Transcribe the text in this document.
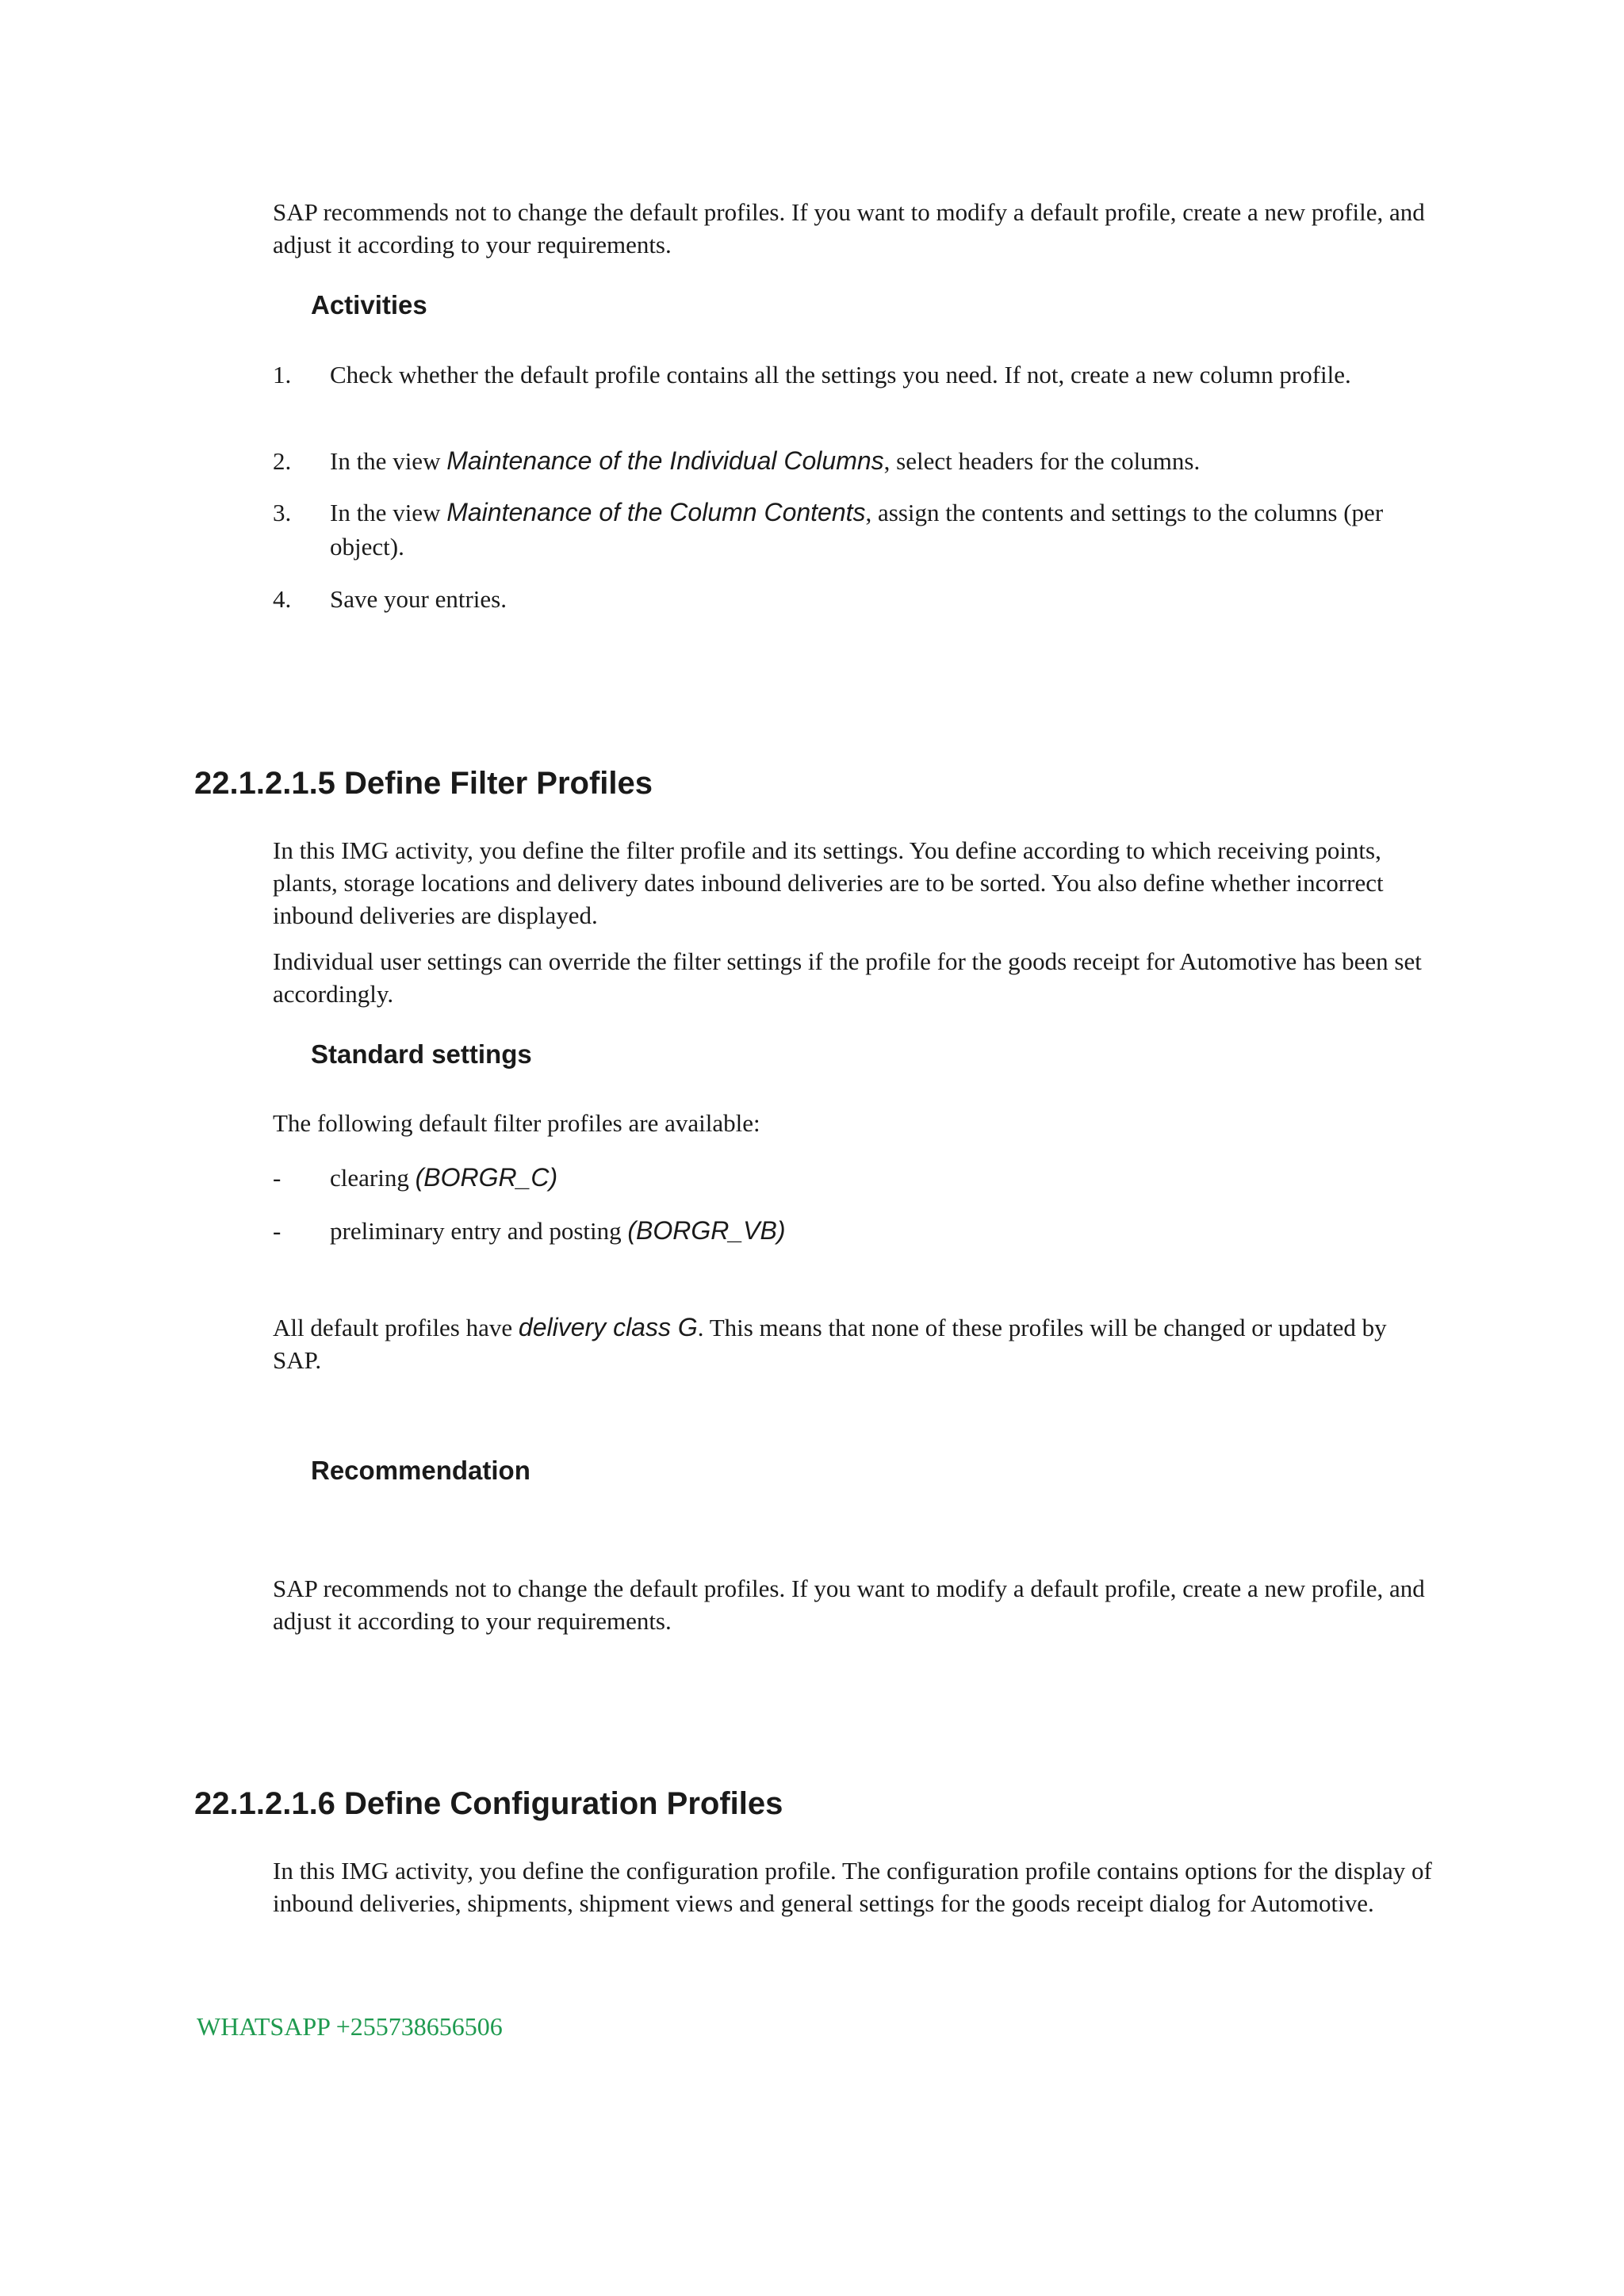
SAP recommends not to change the default profiles. If you want to modify a default profile, create a new profile, and adjust it according to your requirements.

Activities
1. Check whether the default profile contains all the settings you need. If not, create a new column profile.
2. In the view Maintenance of the Individual Columns, select headers for the columns.
3. In the view Maintenance of the Column Contents, assign the contents and settings to the columns (per object).
4. Save your entries.
22.1.2.1.5 Define Filter Profiles

In this IMG activity, you define the filter profile and its settings. You define according to which receiving points, plants, storage locations and delivery dates inbound deliveries are to be sorted. You also define whether incorrect inbound deliveries are displayed.

Individual user settings can override the filter settings if the profile for the goods receipt for Automotive has been set accordingly.

Standard settings

The following default filter profiles are available:

- clearing (BORGR_C)
- preliminary entry and posting (BORGR_VB)

All default profiles have delivery class G. This means that none of these profiles will be changed or updated by SAP.

Recommendation

SAP recommends not to change the default profiles. If you want to modify a default profile, create a new profile, and adjust it according to your requirements.

22.1.2.1.6 Define Configuration Profiles

In this IMG activity, you define the configuration profile. The configuration profile contains options for the display of inbound deliveries, shipments, shipment views and general settings for the goods receipt dialog for Automotive.

WHATSAPP +255738656506
